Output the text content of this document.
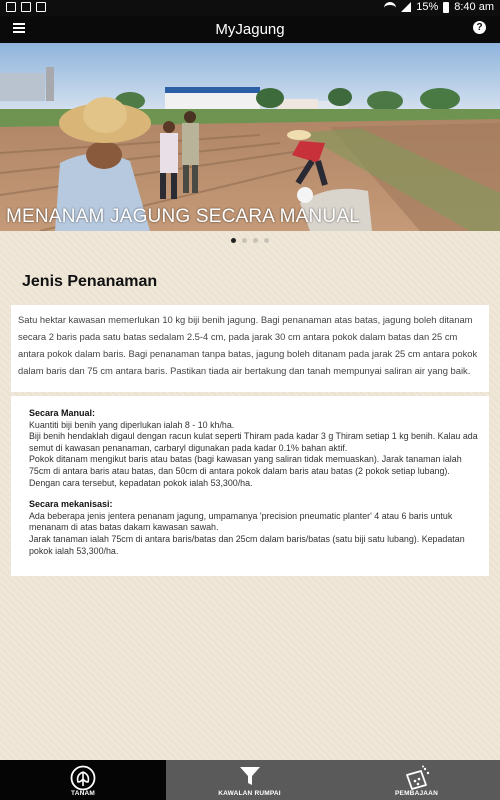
15% 8:40 am
MyJagung	?
MENANAM JAGUNG SECARA MANUAL

Jenis Penanaman

Satu hektar kawasan memerlukan 10 kg biji benih jagung. Bagi penanaman atas batas, jagung boleh ditanam secara 2 baris pada satu batas sedalam 2.5-4 cm, pada jarak 30 cm antara pokok dalam batas dan 25 cm antara pokok dalam baris. Bagi penanaman tanpa batas, jagung boleh ditanam pada jarak 25 cm antara pokok dalam baris dan 75 cm antara baris. Pastikan tiada air bertakung dan tanah mempunyai saliran air yang baik.

Secara Manual:

Kuantiti biji benih yang diperlukan ialah 8 - 10 kh/ha.

Biji benih hendaklah digaul dengan racun kulat seperti Thiram pada kadar 3 g Thiram setiap 1 kg benih. Kalau ada semut di kawasan penanaman, carbaryl digunakan pada kadar 0.1% bahan aktif.

Pokok ditanam mengikut baris atau batas (bagi kawasan yang saliran tidak memuaskan). Jarak tanaman ialah 75cm di antara baris atau batas, dan 50cm di antara pokok dalam baris atau batas (2 pokok setiap lubang). Dengan cara tersebut, kepadatan pokok ialah 53,300/ha.

Secara mekanisasi:

Ada beberapa jenis jentera penanam jagung, umpamanya 'precision pneumatic planter' 4 atau 6 baris untuk menanam di atas batas dakam kawasan sawah.

Jarak tanaman ialah 75cm di antara baris/batas dan 25cm dalam baris/batas (satu biji satu lubang). Kepadatan pokok ialah 53,300/ha.

TANAM	KAWALAN RUMPAI	PEMBAJAAN
